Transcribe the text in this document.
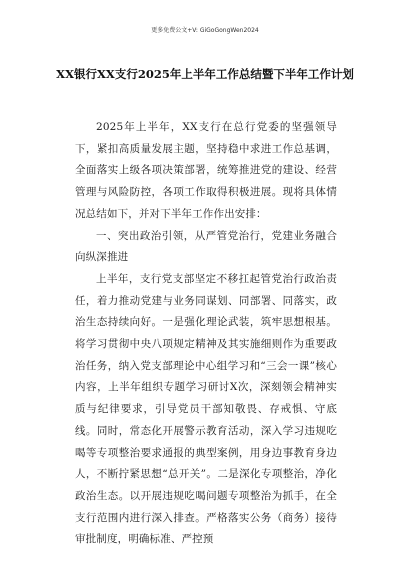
更多免费公文+V: GiGoGongWen2024
XX银行XX支行2025年上半年工作总结暨下半年工作计划

2025年上半年，XX支行在总行党委的坚强领导下，紧扣高质量发展主题，坚持稳中求进工作总基调，全面落实上级各项决策部署，统筹推进党的建设、经营管理与风险防控，各项工作取得积极进展。现将具体情况总结如下，并对下半年工作作出安排：

一、突出政治引领，从严管党治行，党建业务融合向纵深推进

上半年，支行党支部坚定不移扛起管党治行政治责任，着力推动党建与业务同谋划、同部署、同落实，政治生态持续向好。一是强化理论武装，筑牢思想根基。将学习贯彻中央八项规定精神及其实施细则作为重要政治任务，纳入党支部理论中心组学习和“三会一课”核心内容，上半年组织专题学习研讨X次，深刻领会精神实质与纪律要求，引导党员干部知敬畏、存戒惧、守底线。同时，常态化开展警示教育活动，深入学习违规吃喝等专项整治要求通报的典型案例，用身边事教育身边人，不断拧紧思想“总开关”。二是深化专项整治，净化政治生态。以开展违规吃喝问题专项整治为抓手，在全支行范围内进行深入排查。严格落实公务（商务）接待审批制度，明确标准、严控预
